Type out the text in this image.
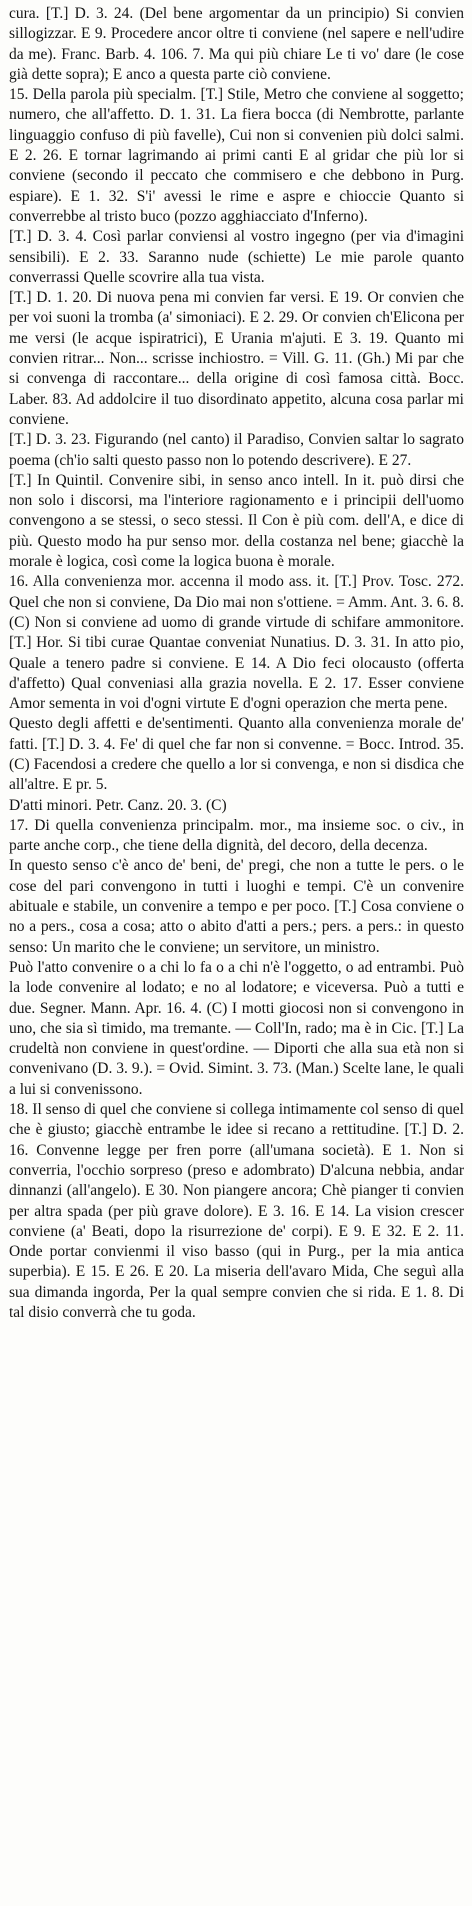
cura. [T.] D. 3. 24. (Del bene argomentar da un principio) Si convien sillogizzar. E 9. Procedere ancor oltre ti conviene (nel sapere e nell'udire da me). Franc. Barb. 4. 106. 7. Ma qui più chiare Le ti vo' dare (le cose già dette sopra); E anco a questa parte ciò conviene.

15. Della parola più specialm. [T.] Stile, Metro che conviene al soggetto; numero, che all'affetto. D. 1. 31. La fiera bocca (di Nembrotte, parlante linguaggio confuso di più favelle), Cui non si convenien più dolci salmi. E 2. 26. E tornar lagrimando ai primi canti E al gridar che più lor si conviene (secondo il peccato che commisero e che debbono in Purg. espiare). E 1. 32. S'i' avessi le rime e aspre e chioccie Quanto si converrebbe al tristo buco (pozzo agghiacciato d'Inferno).

[T.] D. 3. 4. Così parlar conviensi al vostro ingegno (per via d'imagini sensibili). E 2. 33. Saranno nude (schiette) Le mie parole quanto converrassi Quelle scovrire alla tua vista.

[T.] D. 1. 20. Di nuova pena mi convien far versi. E 19. Or convien che per voi suoni la tromba (a' simoniaci). E 2. 29. Or convien ch'Elicona per me versi (le acque ispiratrici), E Urania m'ajuti. E 3. 19. Quanto mi convien ritrar... Non... scrisse inchiostro. = Vill. G. 11. (Gh.) Mi par che si convenga di raccontare... della origine di così famosa città. Bocc. Laber. 83. Ad addolcire il tuo disordinato appetito, alcuna cosa parlar mi conviene.

[T.] D. 3. 23. Figurando (nel canto) il Paradiso, Convien saltar lo sagrato poema (ch'io salti questo passo non lo potendo descrivere). E 27.

[T.] In Quintil. Convenire sibi, in senso anco intell. In it. può dirsi che non solo i discorsi, ma l'interiore ragionamento e i principii dell'uomo convengono a se stessi, o seco stessi. Il Con è più com. dell'A, e dice di più. Questo modo ha pur senso mor. della costanza nel bene; giacchè la morale è logica, così come la logica buona è morale.

16. Alla convenienza mor. accenna il modo ass. it. [T.] Prov. Tosc. 272. Quel che non si conviene, Da Dio mai non s'ottiene. = Amm. Ant. 3. 6. 8. (C) Non si conviene ad uomo di grande virtude di schifare ammonitore. [T.] Hor. Si tibi curae Quantae conveniat Nunatius. D. 3. 31. In atto pio, Quale a tenero padre si conviene. E 14. A Dio feci olocausto (offerta d'affetto) Qual conveniasi alla grazia novella. E 2. 17. Esser conviene Amor sementa in voi d'ogni virtute E d'ogni operazion che merta pene.

Questo degli affetti e de'sentimenti. Quanto alla convenienza morale de' fatti. [T.] D. 3. 4. Fe' di quel che far non si convenne. = Bocc. Introd. 35. (C) Facendosi a credere che quello a lor si convenga, e non si disdica che all'altre. E pr. 5.

D'atti minori. Petr. Canz. 20. 3. (C)

17. Di quella convenienza principalm. mor., ma insieme soc. o civ., in parte anche corp., che tiene della dignità, del decoro, della decenza.

In questo senso c'è anco de' beni, de' pregi, che non a tutte le pers. o le cose del pari convengono in tutti i luoghi e tempi. C'è un convenire abituale e stabile, un convenire a tempo e per poco. [T.] Cosa conviene o no a pers., cosa a cosa; atto o abito d'atti a pers.; pers. a pers.: in questo senso: Un marito che le conviene; un servitore, un ministro.

Può l'atto convenire o a chi lo fa o a chi n'è l'oggetto, o ad entrambi. Può la lode convenire al lodato; e no al lodatore; e viceversa. Può a tutti e due. Segner. Mann. Apr. 16. 4. (C) I motti giocosi non si convengono in uno, che sia sì timido, ma tremante. — Coll'In, rado; ma è in Cic. [T.] La crudeltà non conviene in quest'ordine. — Diporti che alla sua età non si convenivano (D. 3. 9.). = Ovid. Simint. 3. 73. (Man.) Scelte lane, le quali a lui si convenissono.

18. Il senso di quel che conviene si collega intimamente col senso di quel che è giusto; giacchè entrambe le idee si recano a rettitudine. [T.] D. 2. 16. Convenne legge per fren porre (all'umana società). E 1. Non si converria, l'occhio sorpreso (preso e adombrato) D'alcuna nebbia, andar dinnanzi (all'angelo). E 30. Non piangere ancora; Chè pianger ti convien per altra spada (per più grave dolore). E 3. 16. E 14. La vision crescer conviene (a' Beati, dopo la risurrezione de' corpi). E 9. E 32. E 2. 11. Onde portar convienmi il viso basso (qui in Purg., per la mia antica superbia). E 15. E 26. E 20. La miseria dell'avaro Mida, Che seguì alla sua dimanda ingorda, Per la qual sempre convien che si rida. E 1. 8. Di tal disio converrà che tu goda.
